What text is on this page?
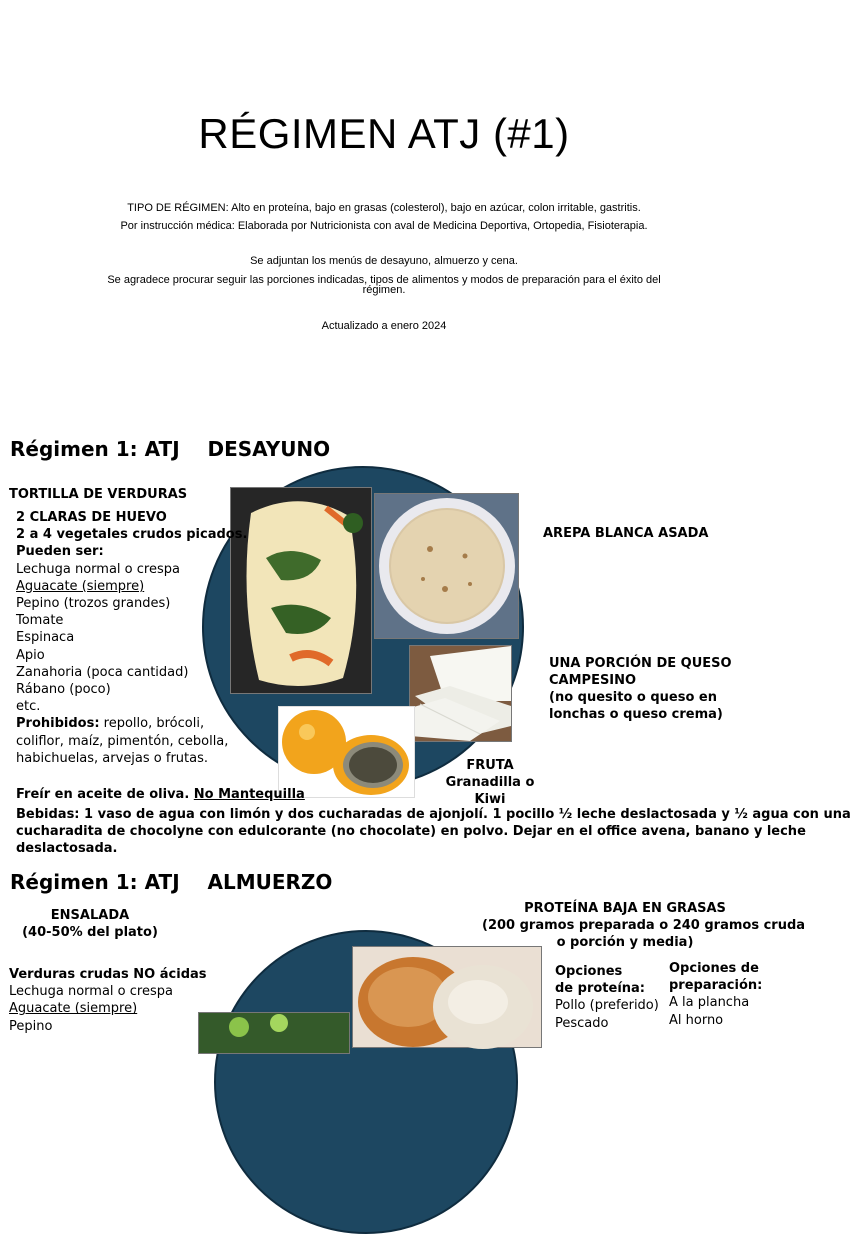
RÉGIMEN ATJ (#1)
TIPO DE RÉGIMEN: Alto en proteína, bajo en grasas (colesterol), bajo en azúcar, colon irritable, gastritis.
Por instrucción médica: Elaborada por Nutricionista con aval de Medicina Deportiva, Ortopedia, Fisioterapia.
Se adjuntan los menús de desayuno, almuerzo y cena.
Se agradece procurar seguir las porciones indicadas, tipos de alimentos y modos de preparación para el éxito del
régimen.
Actualizado a enero 2024
Régimen 1: ATJ    DESAYUNO
TORTILLA DE VERDURAS
2 CLARAS DE HUEVO
2 a 4 vegetales crudos picados.
Pueden ser:
Lechuga normal o crespa
Aguacate (siempre)
Pepino (trozos grandes)
Tomate
Espinaca
Apio
Zanahoria (poca cantidad)
Rábano (poco)
etc.
Prohibidos: repollo, brócoli,
coliflor, maíz, pimentón, cebolla,
habichuelas, arvejas o frutas.
Freír en aceite de oliva. No Mantequilla
Bebidas: 1 vaso de agua con limón y dos cucharadas de ajonjolí. 1 pocillo ½ leche deslactosada y ½ agua con una
cucharadita de chocolyne con edulcorante (no chocolate) en polvo. Dejar en el office avena, banano y leche
deslactosada.
AREPA BLANCA ASADA
UNA PORCIÓN DE QUESO
CAMPESINO
(no quesito o queso en
lonchas o queso crema)
FRUTA
Granadilla o Kiwi
Régimen 1: ATJ    ALMUERZO
ENSALADA
(40-50% del plato)
Verduras crudas NO ácidas
Lechuga normal o crespa
Aguacate (siempre)
Pepino
PROTEÍNA BAJA EN GRASAS
(200 gramos preparada o 240 gramos cruda
o porción y media)
Opciones
de proteína:
Pollo (preferido)
Pescado
Opciones de
preparación:
A la plancha
Al horno
